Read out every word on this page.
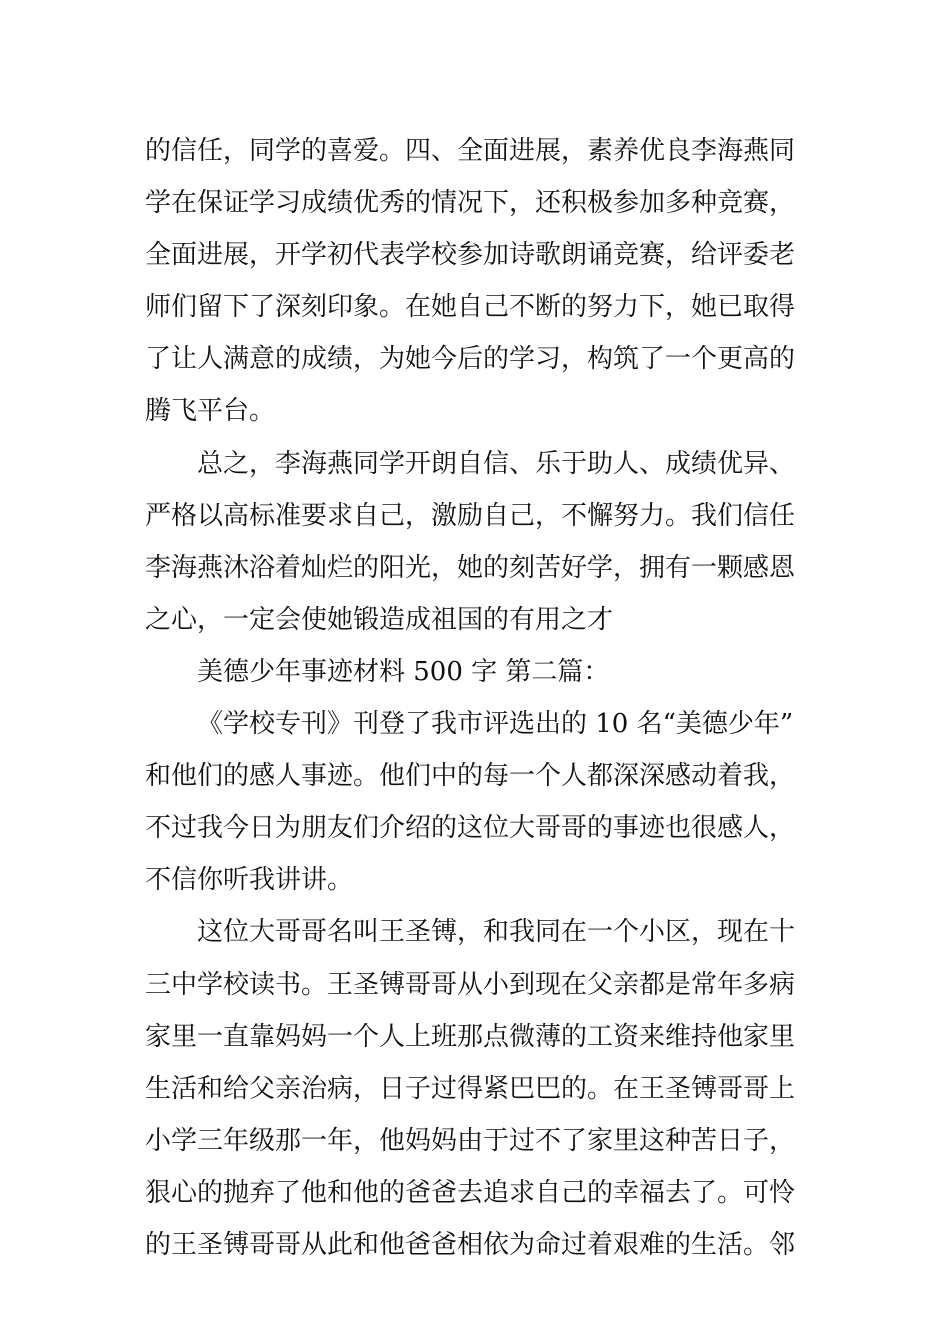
的信任，同学的喜爱。四、全面进展，素养优良李海燕同
学在保证学习成绩优秀的情况下，还积极参加多种竞赛，
全面进展，开学初代表学校参加诗歌朗诵竞赛，给评委老
师们留下了深刻印象。在她自己不断的努力下，她已取得
了让人满意的成绩，为她今后的学习，构筑了一个更高的
腾飞平台。
总之，李海燕同学开朗自信、乐于助人、成绩优异、
严格以高标准要求自己，激励自己，不懈努力。我们信任
李海燕沐浴着灿烂的阳光，她的刻苦好学，拥有一颗感恩
之心，一定会使她锻造成祖国的有用之才
美德少年事迹材料 500 字 第二篇：
《学校专刊》刊登了我市评选出的 10 名“美德少年”
和他们的感人事迹。他们中的每一个人都深深感动着我，
不过我今日为朋友们介绍的这位大哥哥的事迹也很感人，
不信你听我讲讲。
这位大哥哥名叫王圣镈，和我同在一个小区，现在十
三中学校读书。王圣镈哥哥从小到现在父亲都是常年多病
家里一直靠妈妈一个人上班那点微薄的工资来维持他家里
生活和给父亲治病，日子过得紧巴巴的。在王圣镈哥哥上
小学三年级那一年，他妈妈由于过不了家里这种苦日子，
狠心的抛弃了他和他的爸爸去追求自己的幸福去了。可怜
的王圣镈哥哥从此和他爸爸相依为命过着艰难的生活。邻
